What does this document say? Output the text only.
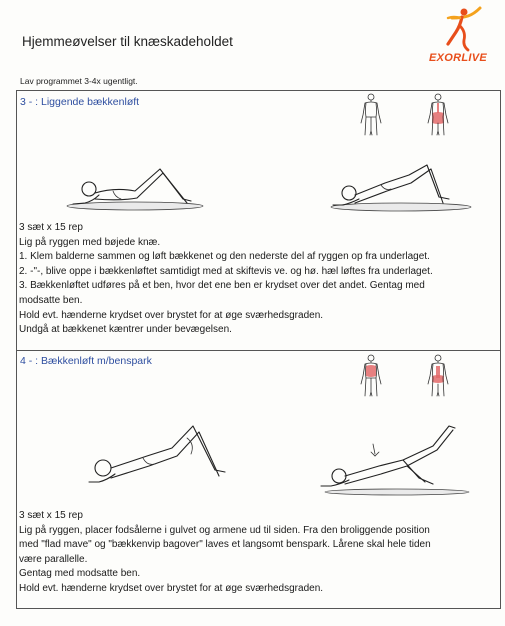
Hjemmeøvelser til knæskadeholdet
EXORLIVE
Lav programmet 3-4x ugentligt.
3 - : Liggende bækkenløft

3 sæt x 15 rep

Lig på ryggen med bøjede knæ.

1. Klem balderne sammen og løft bækkenet og den nederste del af ryggen op fra underlaget.

2. -"-, blive oppe i bækkenløftet samtidigt med at skiftevis ve. og hø. hæl løftes fra underlaget.

3. Bækkenløftet udføres på et ben, hvor det ene ben er krydset over det andet. Gentag med

modsatte ben.

Hold evt. hænderne krydset over brystet for at øge sværhedsgraden.

Undgå at bækkenet kæntrer under bevægelsen.

4 - : Bækkenløft m/benspark

3 sæt x 15 rep

Lig på ryggen, placer fodsålerne i gulvet og armene ud til siden. Fra den broliggende position

med "flad mave" og "bækkenvip bagover" laves et langsomt benspark. Lårene skal hele tiden

være parallelle.

Gentag med modsatte ben.

Hold evt. hænderne krydset over brystet for at øge sværhedsgraden.
